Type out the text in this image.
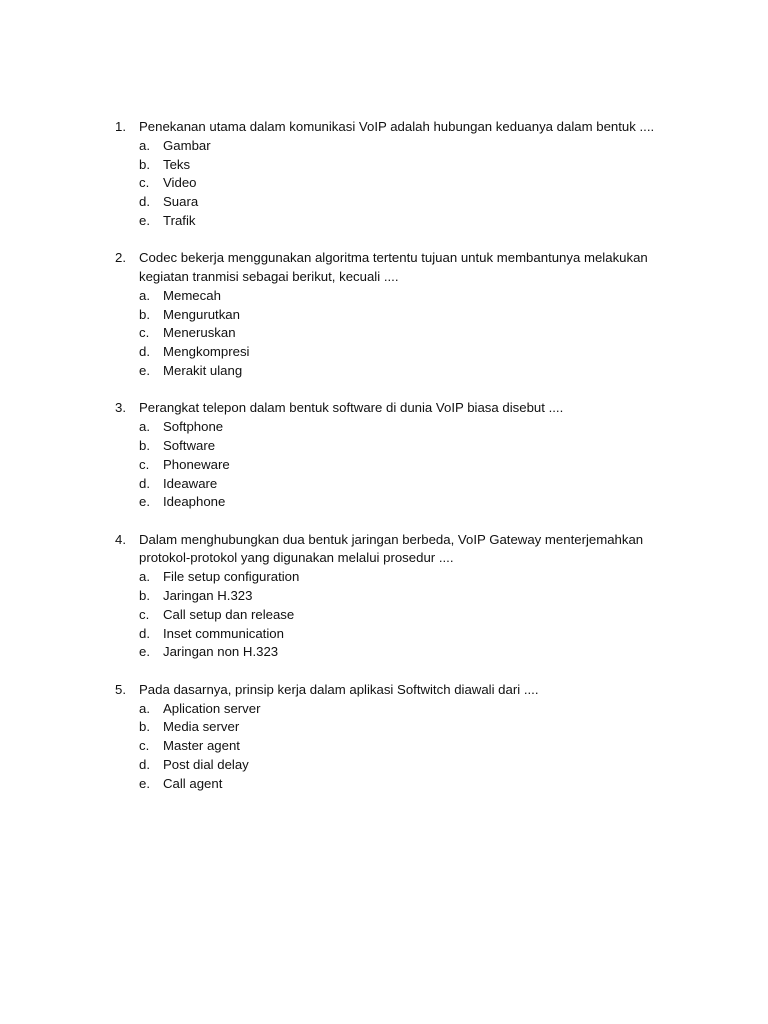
1. Penekanan utama dalam komunikasi VoIP adalah hubungan keduanya dalam bentuk ....
a. Gambar
b. Teks
c.	Video
d. Suara
e. Trafik
2. Codec bekerja menggunakan algoritma tertentu tujuan untuk membantunya melakukan kegiatan tranmisi sebagai berikut, kecuali ....
a. Memecah
b. Mengurutkan
c.	Meneruskan
d. Mengkompresi
e. Merakit ulang
3. Perangkat telepon dalam bentuk software di dunia VoIP biasa disebut ....
a. Softphone
b. Software
c.	Phoneware
d. Ideaware
e. Ideaphone
4. Dalam menghubungkan dua bentuk jaringan berbeda, VoIP Gateway menterjemahkan protokol-protokol yang digunakan melalui prosedur ....
a. File setup configuration
b. Jaringan H.323
c.	Call setup dan release
d. Inset communication
e. Jaringan non H.323
5. Pada dasarnya, prinsip kerja dalam aplikasi Softwitch diawali dari ....
a. Aplication server
b. Media server
c.	Master agent
d. Post dial delay
e. Call agent
